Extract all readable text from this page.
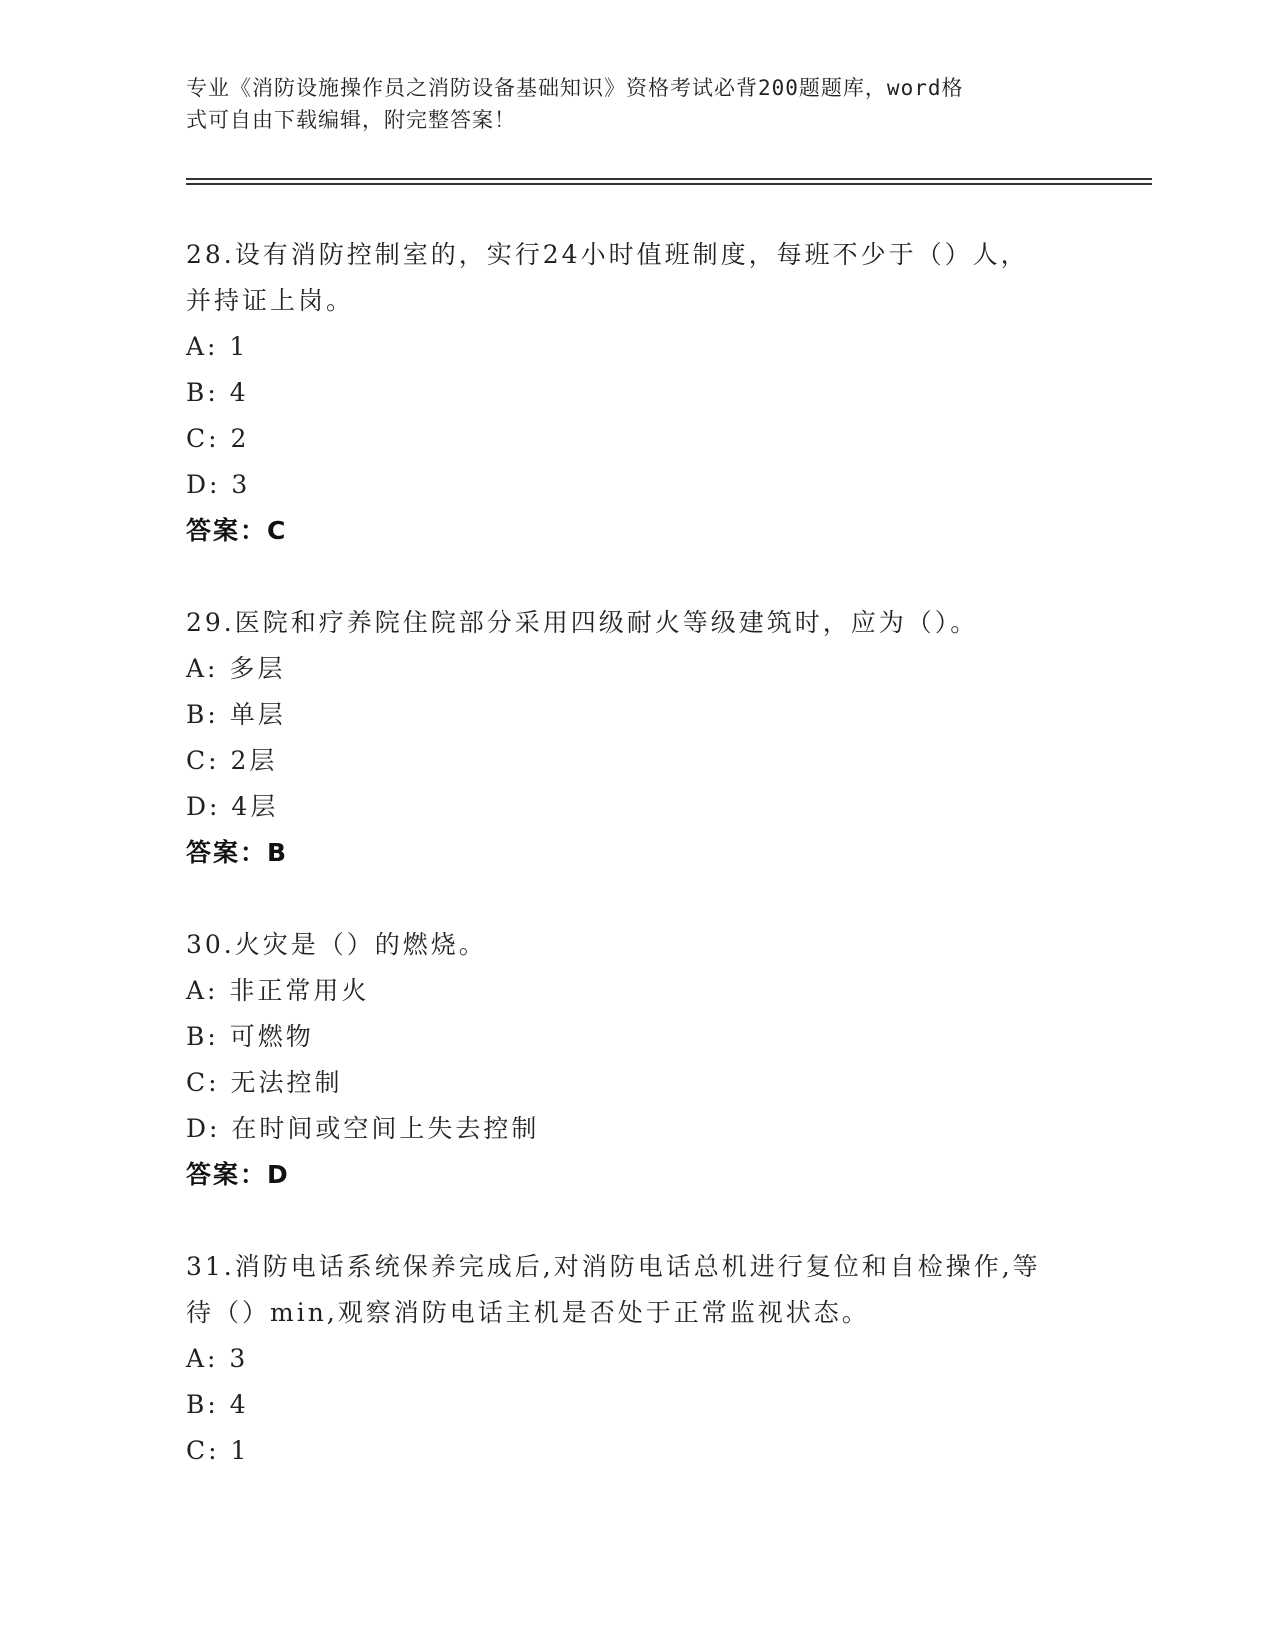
专业《消防设施操作员之消防设备基础知识》资格考试必背200题题库，word格
式可自由下载编辑，附完整答案！

28.设有消防控制室的，实行24小时值班制度，每班不少于（）人，

并持证上岗。

A: 1

B: 4

C: 2

D: 3

答案：C

29.医院和疗养院住院部分采用四级耐火等级建筑时，应为（）。

A: 多层

B: 单层

C: 2层

D: 4层

答案：B

30.火灾是（）的燃烧。

A: 非正常用火

B: 可燃物

C: 无法控制

D: 在时间或空间上失去控制

答案：D

31.消防电话系统保养完成后,对消防电话总机进行复位和自检操作,等

待（）min,观察消防电话主机是否处于正常监视状态。

A: 3

B: 4

C: 1
